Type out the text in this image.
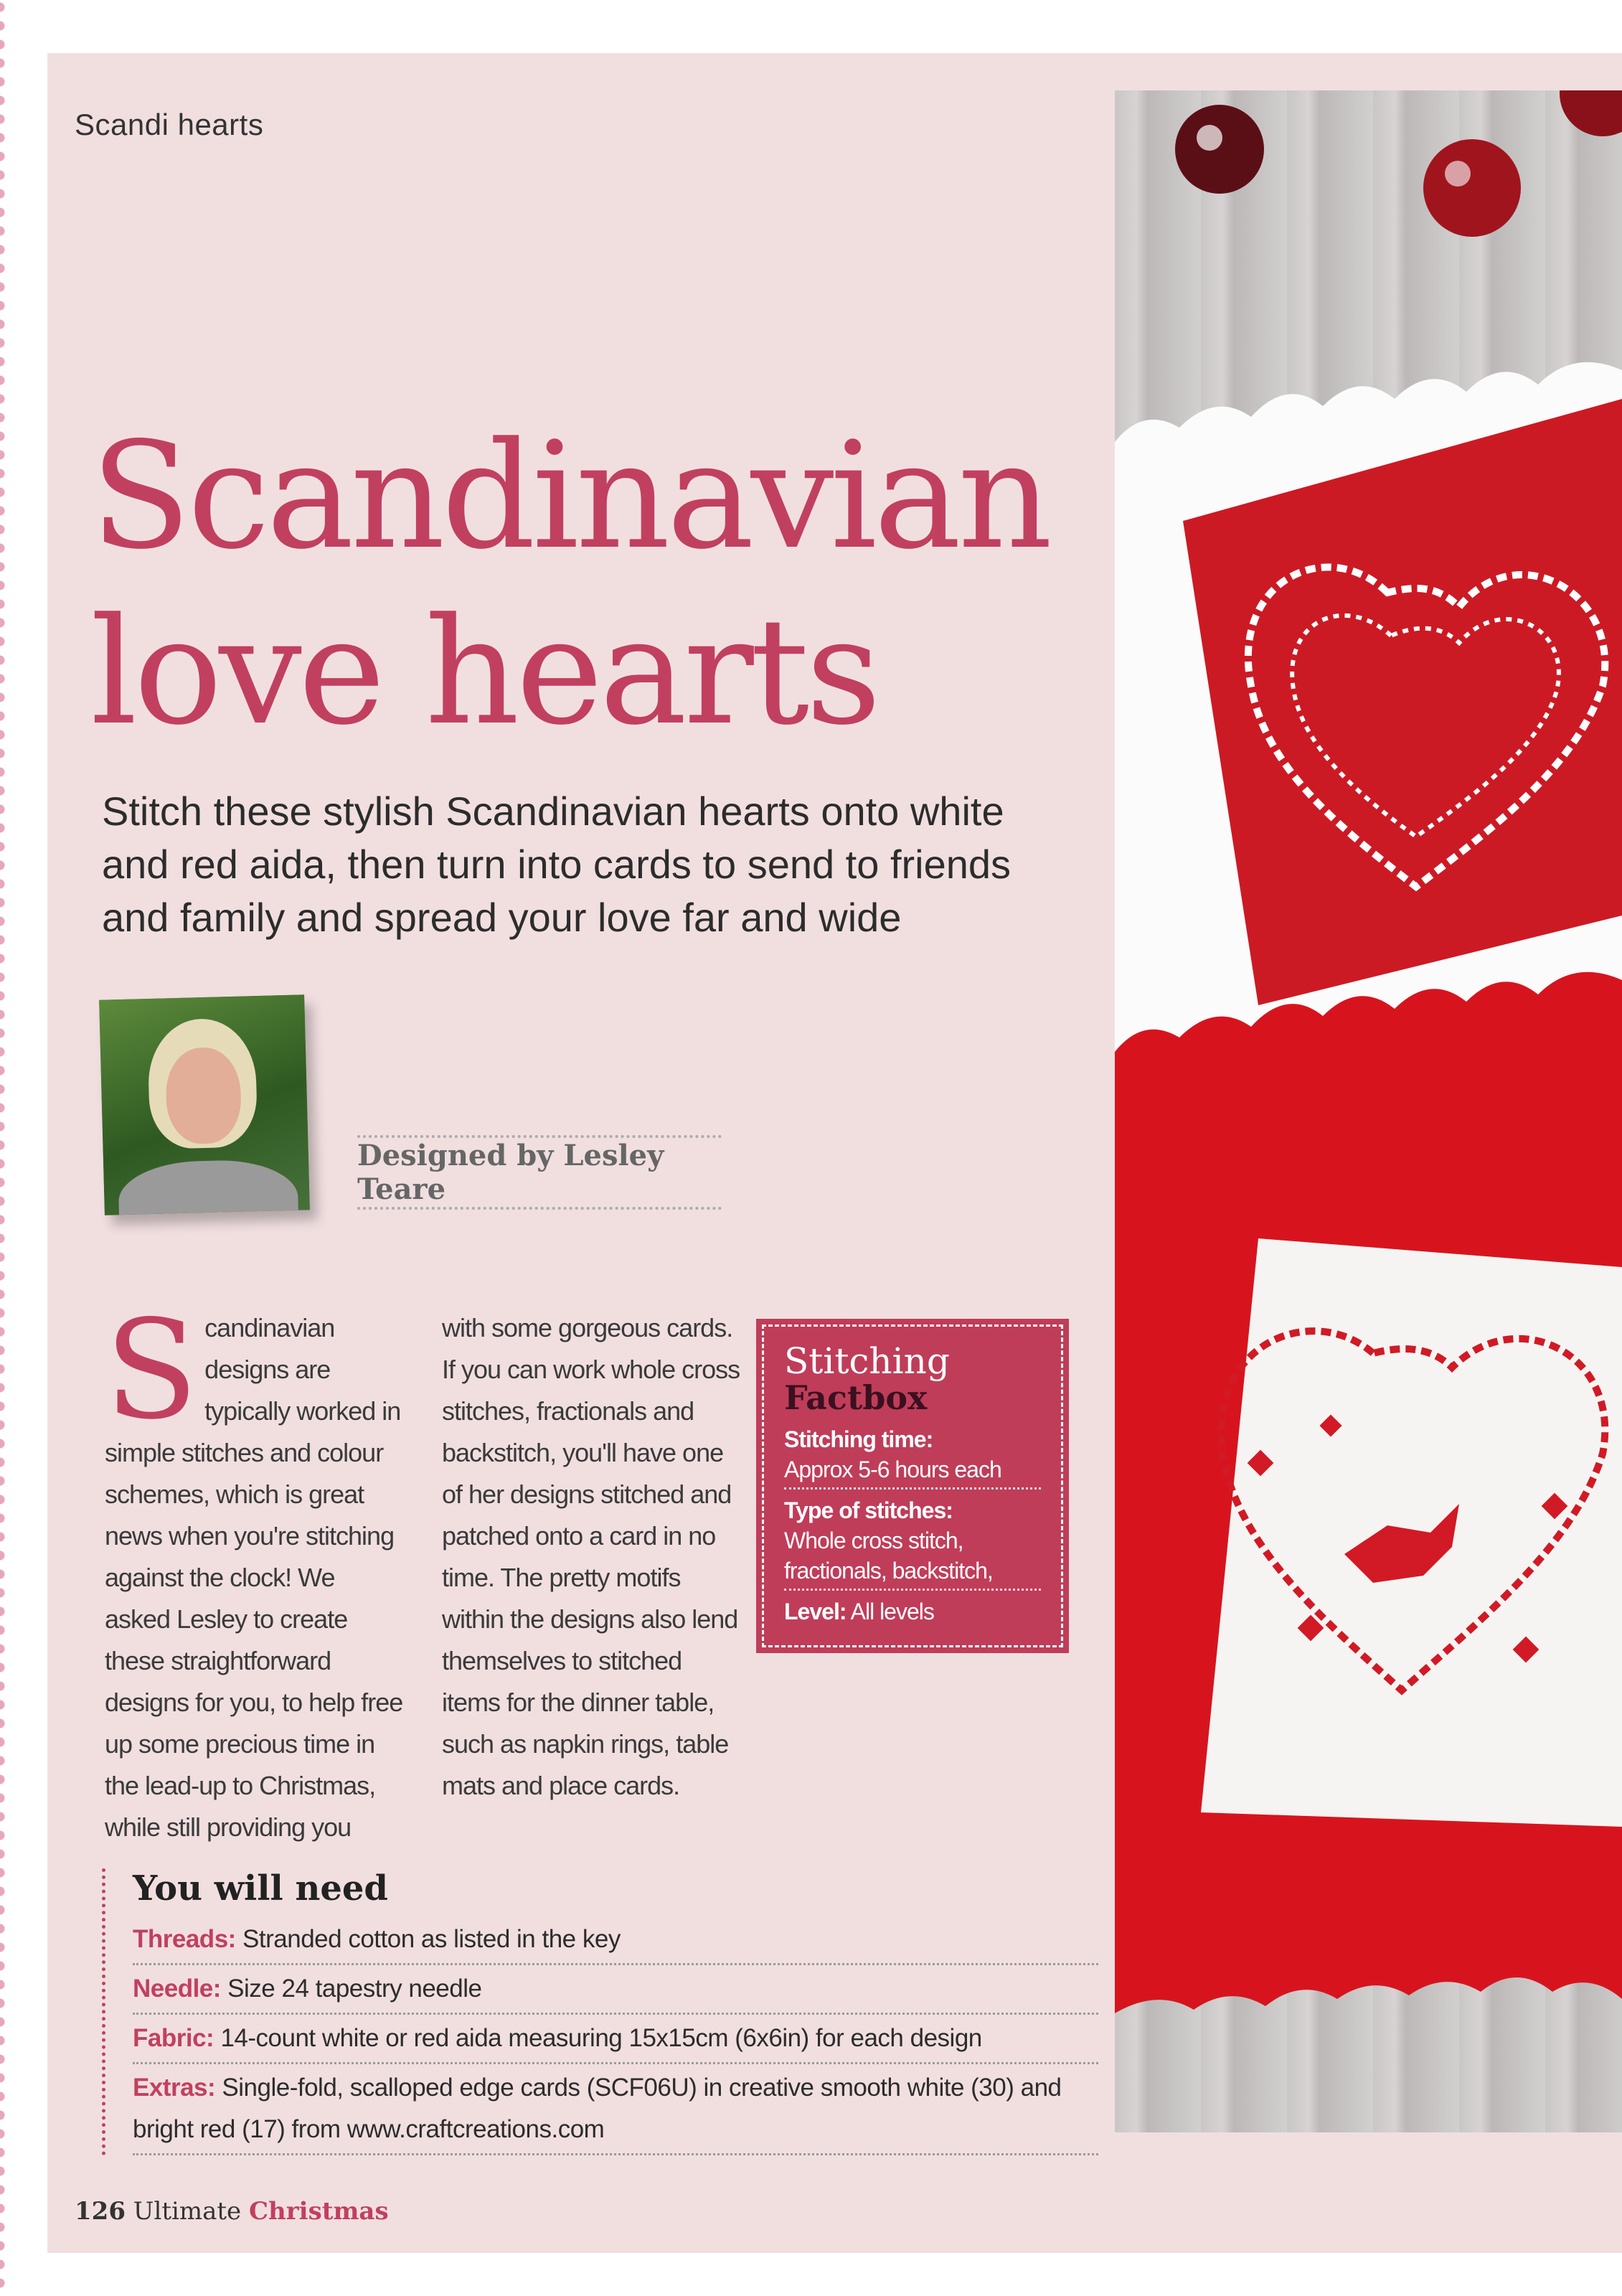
Scandi hearts
Scandinavian
love hearts
Stitch these stylish Scandinavian hearts onto white and red aida, then turn into cards to send to friends and family and spread your love far and wide
Designed by Lesley Teare
S candinavian designs are typically worked in simple stitches and colour schemes, which is great news when you're stitching against the clock! We asked Lesley to create these straightforward designs for you, to help free up some precious time in the lead-up to Christmas, while still providing you
with some gorgeous cards. If you can work whole cross stitches, fractionals and backstitch, you'll have one of her designs stitched and patched onto a card in no time. The pretty motifs within the designs also lend themselves to stitched items for the dinner table, such as napkin rings, table mats and place cards.
Stitching
Factbox
Stitching time:
Approx 5-6 hours each
Type of stitches:
Whole cross stitch, fractionals, backstitch,
Level: All levels
You will need
Threads: Stranded cotton as listed in the key
Needle: Size 24 tapestry needle
Fabric: 14-count white or red aida measuring 15x15cm (6x6in) for each design
Extras: Single-fold, scalloped edge cards (SCF06U) in creative smooth white (30) and bright red (17) from www.craftcreations.com
126 Ultimate Christmas
